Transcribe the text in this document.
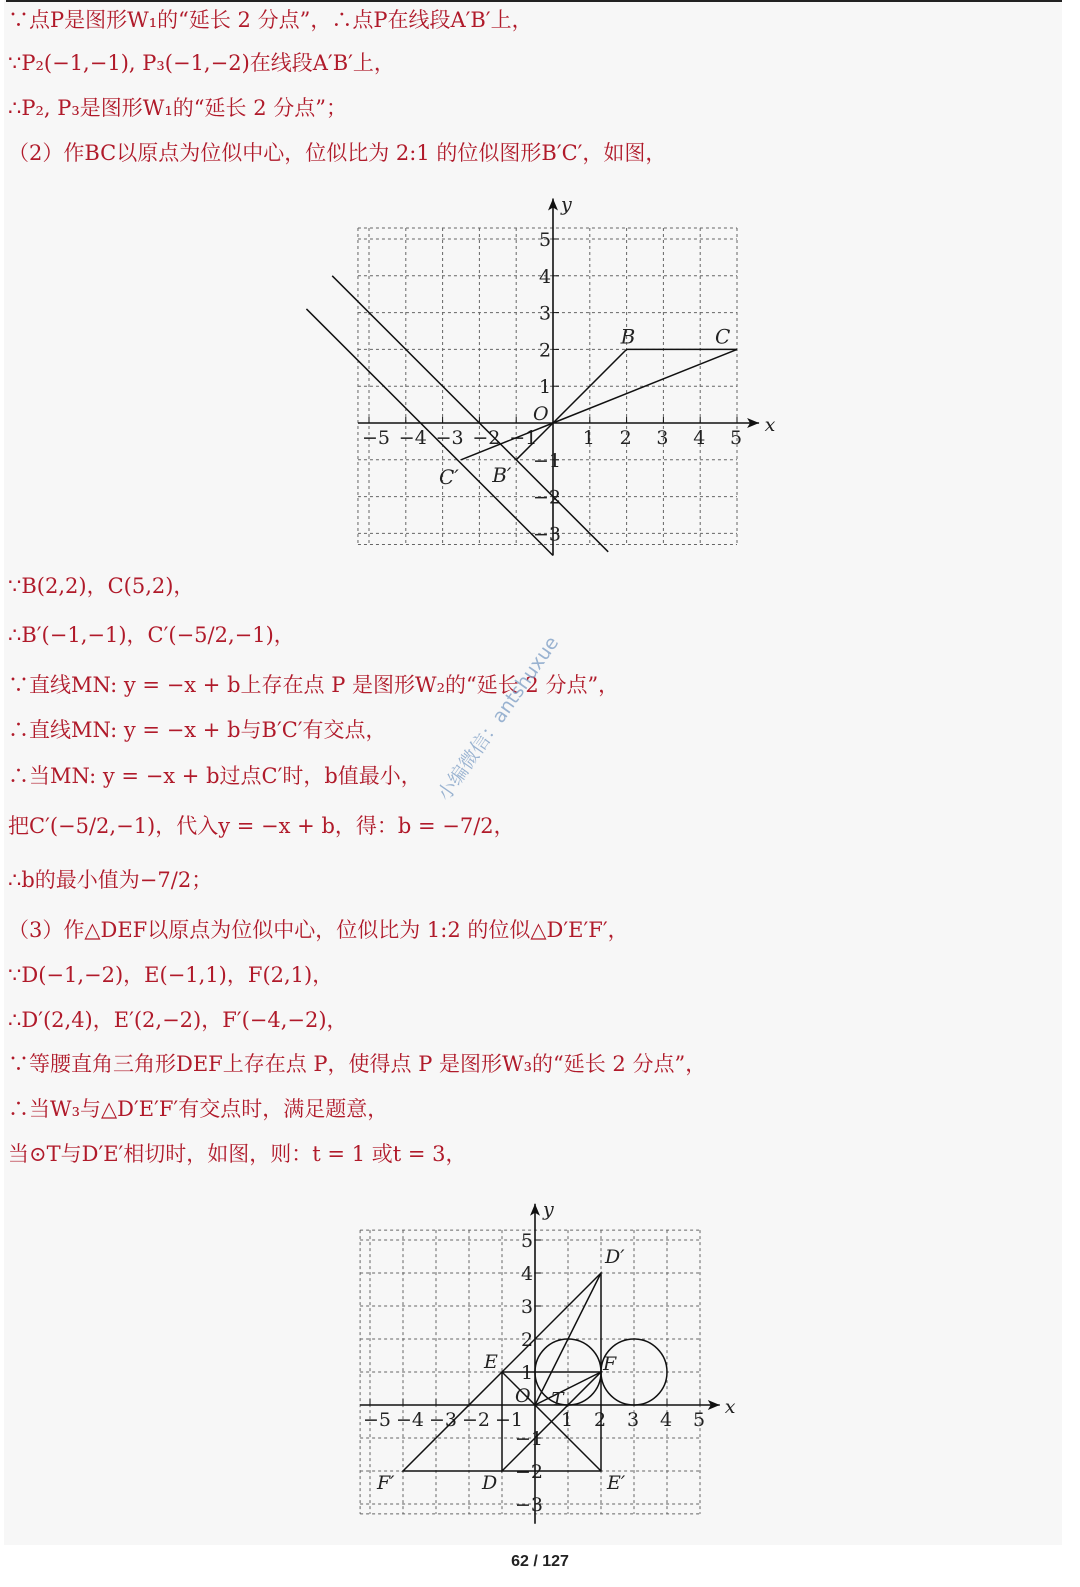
∵点P是图形W₁的“延长 2 分点”，∴点P在线段A′B′上，
∵P₂(−1,−1), P₃(−1,−2)在线段A′B′上，
∴P₂, P₃是图形W₁的“延长 2 分点”；
（2）作BC以原点为位似中心，位似比为 2:1 的位似图形B′C′，如图，
∵B(2,2)，C(5,2)，
∴B′(−1,−1)，C′(−5/2,−1)，
∵直线MN: y = −x + b上存在点 P 是图形W₂的“延长 2 分点”，
∴直线MN: y = −x + b与B′C′有交点，
∴当MN: y = −x + b过点C′时，b值最小，
把C′(−5/2,−1)，代入y = −x + b，得：b = −7/2，
∴b的最小值为−7/2；
（3）作△DEF以原点为位似中心，位似比为 1:2 的位似△D′E′F′，
∵D(−1,−2)，E(−1,1)，F(2,1)，
∴D′(2,4)，E′(2,−2)，F′(−4,−2)，
∵等腰直角三角形DEF上存在点 P，使得点 P 是图形W₃的“延长 2 分点”，
∴当W₃与△D′E′F′有交点时，满足题意，
当⊙T与D′E′相切时，如图，则：t = 1 或t = 3，
−5 −4 −3 −2 −1 1 2 3 4 5
5
4
3
2
1
−1
−2
−3
x
y
O
B	C
B′
C′
−5 −4 −3 −2 −1 1 2 3 4 5
5
4
3
2
1
−1
−2
−3
x
y
O
D′
E	F
T
D	E′
F′
小编微信：antshuxue
62 / 127
